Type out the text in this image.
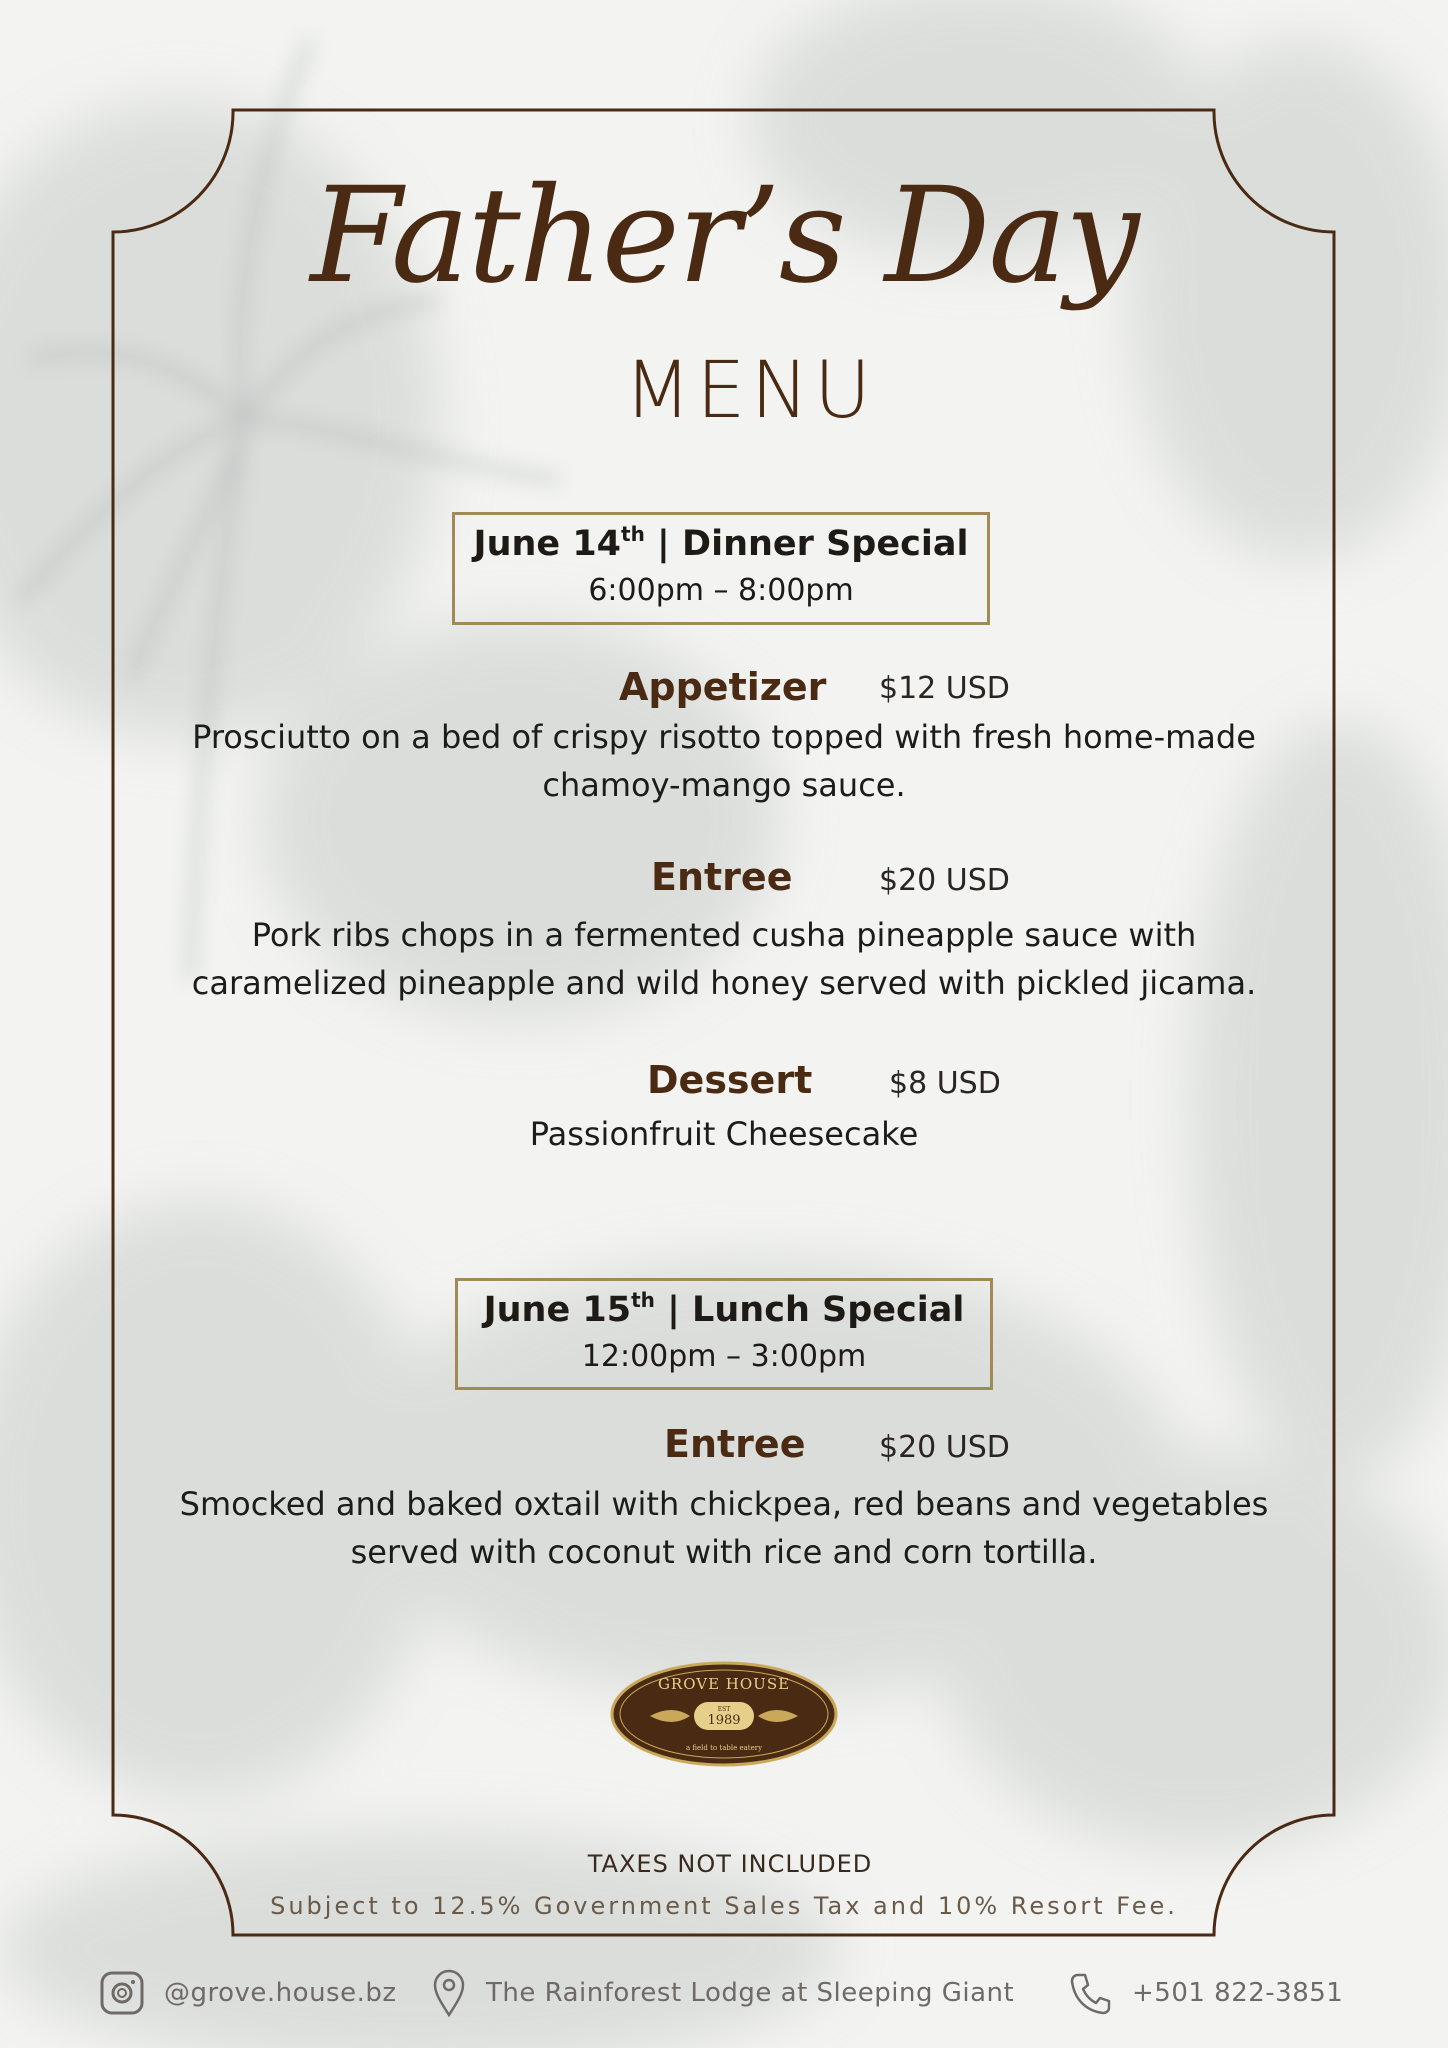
Father’s Day
MENU
June 14th | Dinner Special
6:00pm – 8:00pm
Appetizer $12 USD
Prosciutto on a bed of crispy risotto topped with fresh home-made chamoy-mango sauce.
Entree	$20 USD
Pork ribs chops in a fermented cusha pineapple sauce with caramelized pineapple and wild honey served with pickled jicama.
Dessert	$8 USD
Passionfruit Cheesecake
June 15th | Lunch Special
12:00pm – 3:00pm
Entree $20 USD
Smocked and baked oxtail with chickpea, red beans and vegetables served with coconut with rice and corn tortilla.
GROVE HOUSE
EST
1989
a field to table eatery
TAXES NOT INCLUDED
Subject to 12.5% Government Sales Tax and 10% Resort Fee.
@grove.house.bz	The Rainforest Lodge at Sleeping Giant	+501 822-3851
